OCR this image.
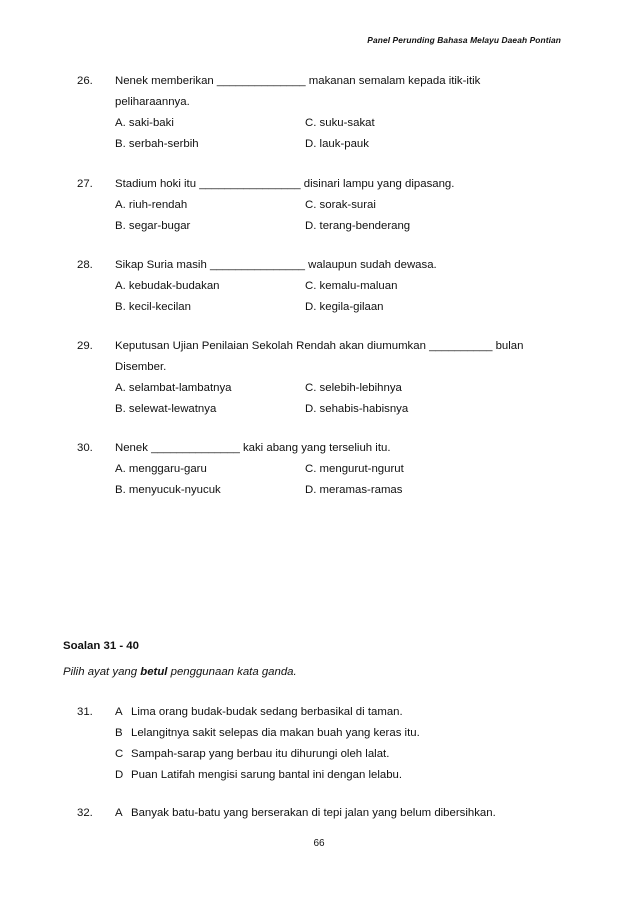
Panel Perunding Bahasa Melayu Daeah Pontian
26.	Nenek memberikan ______________ makanan semalam kepada itik-itik
peliharaannya.
A. saki-baki	C. suku-sakat
B. serbah-serbih	D. lauk-pauk
27.	Stadium hoki itu ________________ disinari lampu yang dipasang.
A. riuh-rendah	C. sorak-surai
B. segar-bugar	D. terang-benderang
28.	Sikap Suria masih _______________ walaupun sudah dewasa.
A. kebudak-budakan	C. kemalu-maluan
B. kecil-kecilan	D. kegila-gilaan
29.	Keputusan Ujian Penilaian Sekolah Rendah akan diumumkan __________ bulan
Disember.
A. selambat-lambatnya	C. selebih-lebihnya
B. selewat-lewatnya	D. sehabis-habisnya
30.	Nenek ______________ kaki abang yang terseliuh itu.
A. menggaru-garu	C. mengurut-ngurut
B. menyucuk-nyucuk	D. meramas-ramas
Soalan 31 - 40
Pilih ayat yang betul penggunaan kata ganda.
31.	A Lima orang budak-budak sedang berbasikal di taman.
B Lelangitnya sakit selepas dia makan buah yang keras itu.
C Sampah-sarap yang berbau itu dihurungi oleh lalat.
D Puan Latifah mengisi sarung bantal ini dengan lelabu.
32.	A Banyak batu-batu yang berserakan di tepi jalan yang belum dibersihkan.
66
